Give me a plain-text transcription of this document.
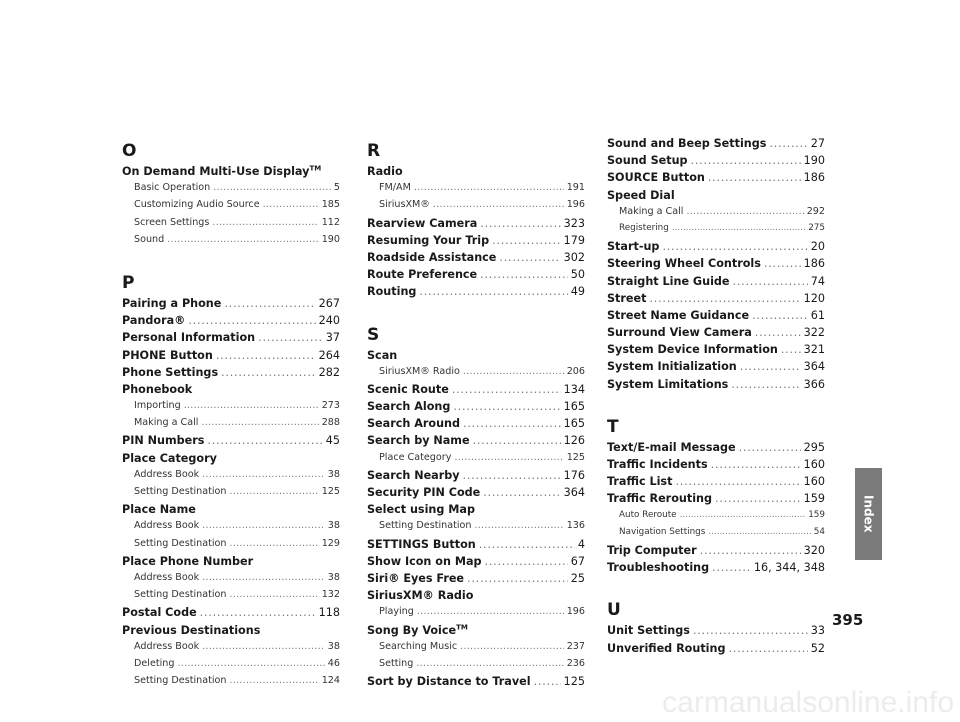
O
On Demand Multi-Use Display™
Basic Operation . . .	5
Customizing Audio Source . . .	185
Screen Settings . . .	112
Sound . . .	190
P
Pairing a Phone . . .	267
Pandora® . . .	240
Personal Information . . .	37
PHONE Button . . .	264
Phone Settings . . .	282
Phonebook
Importing . . .	273
Making a Call . . .	288
PIN Numbers . . .	45
Place Category
Address Book . . .	38
Setting Destination . . .	125
Place Name
Address Book . . .	38
Setting Destination . . .	129
Place Phone Number
Address Book . . .	38
Setting Destination . . .	132
Postal Code . . .	118
Previous Destinations
Address Book . . .	38
Deleting . . .	46
Setting Destination . . .	124
R
Radio
FM/AM . . .	191
SiriusXM® . . .	196
Rearview Camera . . .	323
Resuming Your Trip . . .	179
Roadside Assistance . . .	302
Route Preference . . .	50
Routing . . .	49
S
Scan
SiriusXM® Radio . . .	206
Scenic Route . . .	134
Search Along . . .	165
Search Around . . .	165
Search by Name . . .	126
Place Category . . .	125
Search Nearby . . .	176
Security PIN Code . . .	364
Select using Map
Setting Destination . . .	136
SETTINGS Button . . .	4
Show Icon on Map . . .	67
Siri® Eyes Free . . .	25
SiriusXM® Radio
Playing . . .	196
Song By Voice™
Searching Music . . .	237
Setting . . .	236
Sort by Distance to Travel . . .	125
Sound and Beep Settings . . .	27
Sound Setup . . .	190
SOURCE Button . . .	186
Speed Dial
Making a Call . . .	292
Registering . . .	275
Start-up . . .	20
Steering Wheel Controls . . .	186
Straight Line Guide . . .	74
Street . . .	120
Street Name Guidance . . .	61
Surround View Camera . . .	322
System Device Information . . . 321
System Initialization . . .	364
System Limitations . . .	366
T
Text/E-mail Message . . .	295
Traffic Incidents . . .	160
Traffic List . . .	160
Traffic Rerouting . . .	159
Auto Reroute . . .	159
Navigation Settings . . .	54
Trip Computer . . .	320
Troubleshooting . . .	16, 344, 348
U
Unit Settings . . .	33
Unverified Routing . . .	52
Index
395
carmanualsonline.info
